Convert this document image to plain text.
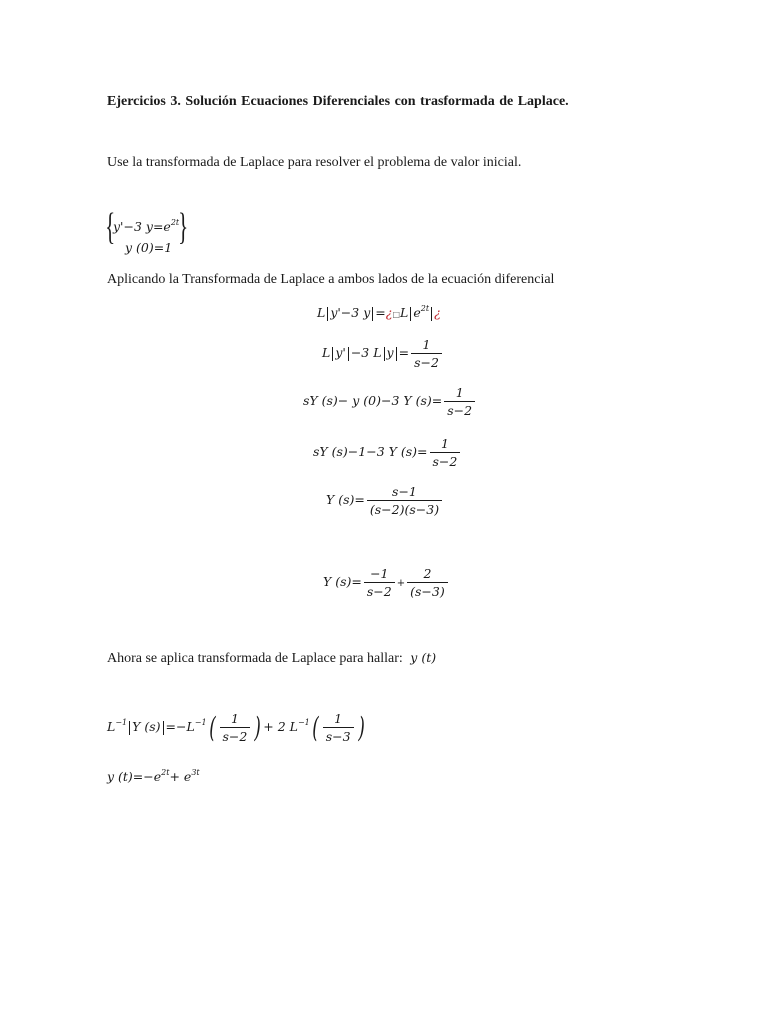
Ejercicios 3. Solución Ecuaciones Diferenciales con trasformada de Laplace.
Use la transformada de Laplace para resolver el problema de valor inicial.
{
y'−3 $y=e^{2t}$
y (0)=1 }
Aplicando la Transformada de Laplace a ambos lados de la ecuación diferencial
L y'−3 y =¿□L $e^{2t}$ ¿
L y' −3 L $y = \frac{1}{s-2}$
sY (s)− y (0)−3 Y $(s)= \frac{1}{s-2}$
sY (s)−1−3 Y $(s)= \frac{1}{s-2}$
Y $(s)= \frac{s-1}{(s-2)(s-3)}$
Y $(s)= \frac{-1}{s-2} + \frac{2}{(s-3)}$
Ahora se aplica transformada de Laplace para hallar: y (t)
$L^{-1}$ Y $(s) =-L^{-1}( \frac{1}{s-2}$ ) + 2 $L^{-1}( \frac{1}{s-3}$ )
y $(t)=-e^{2t}+ e^{3t}$
